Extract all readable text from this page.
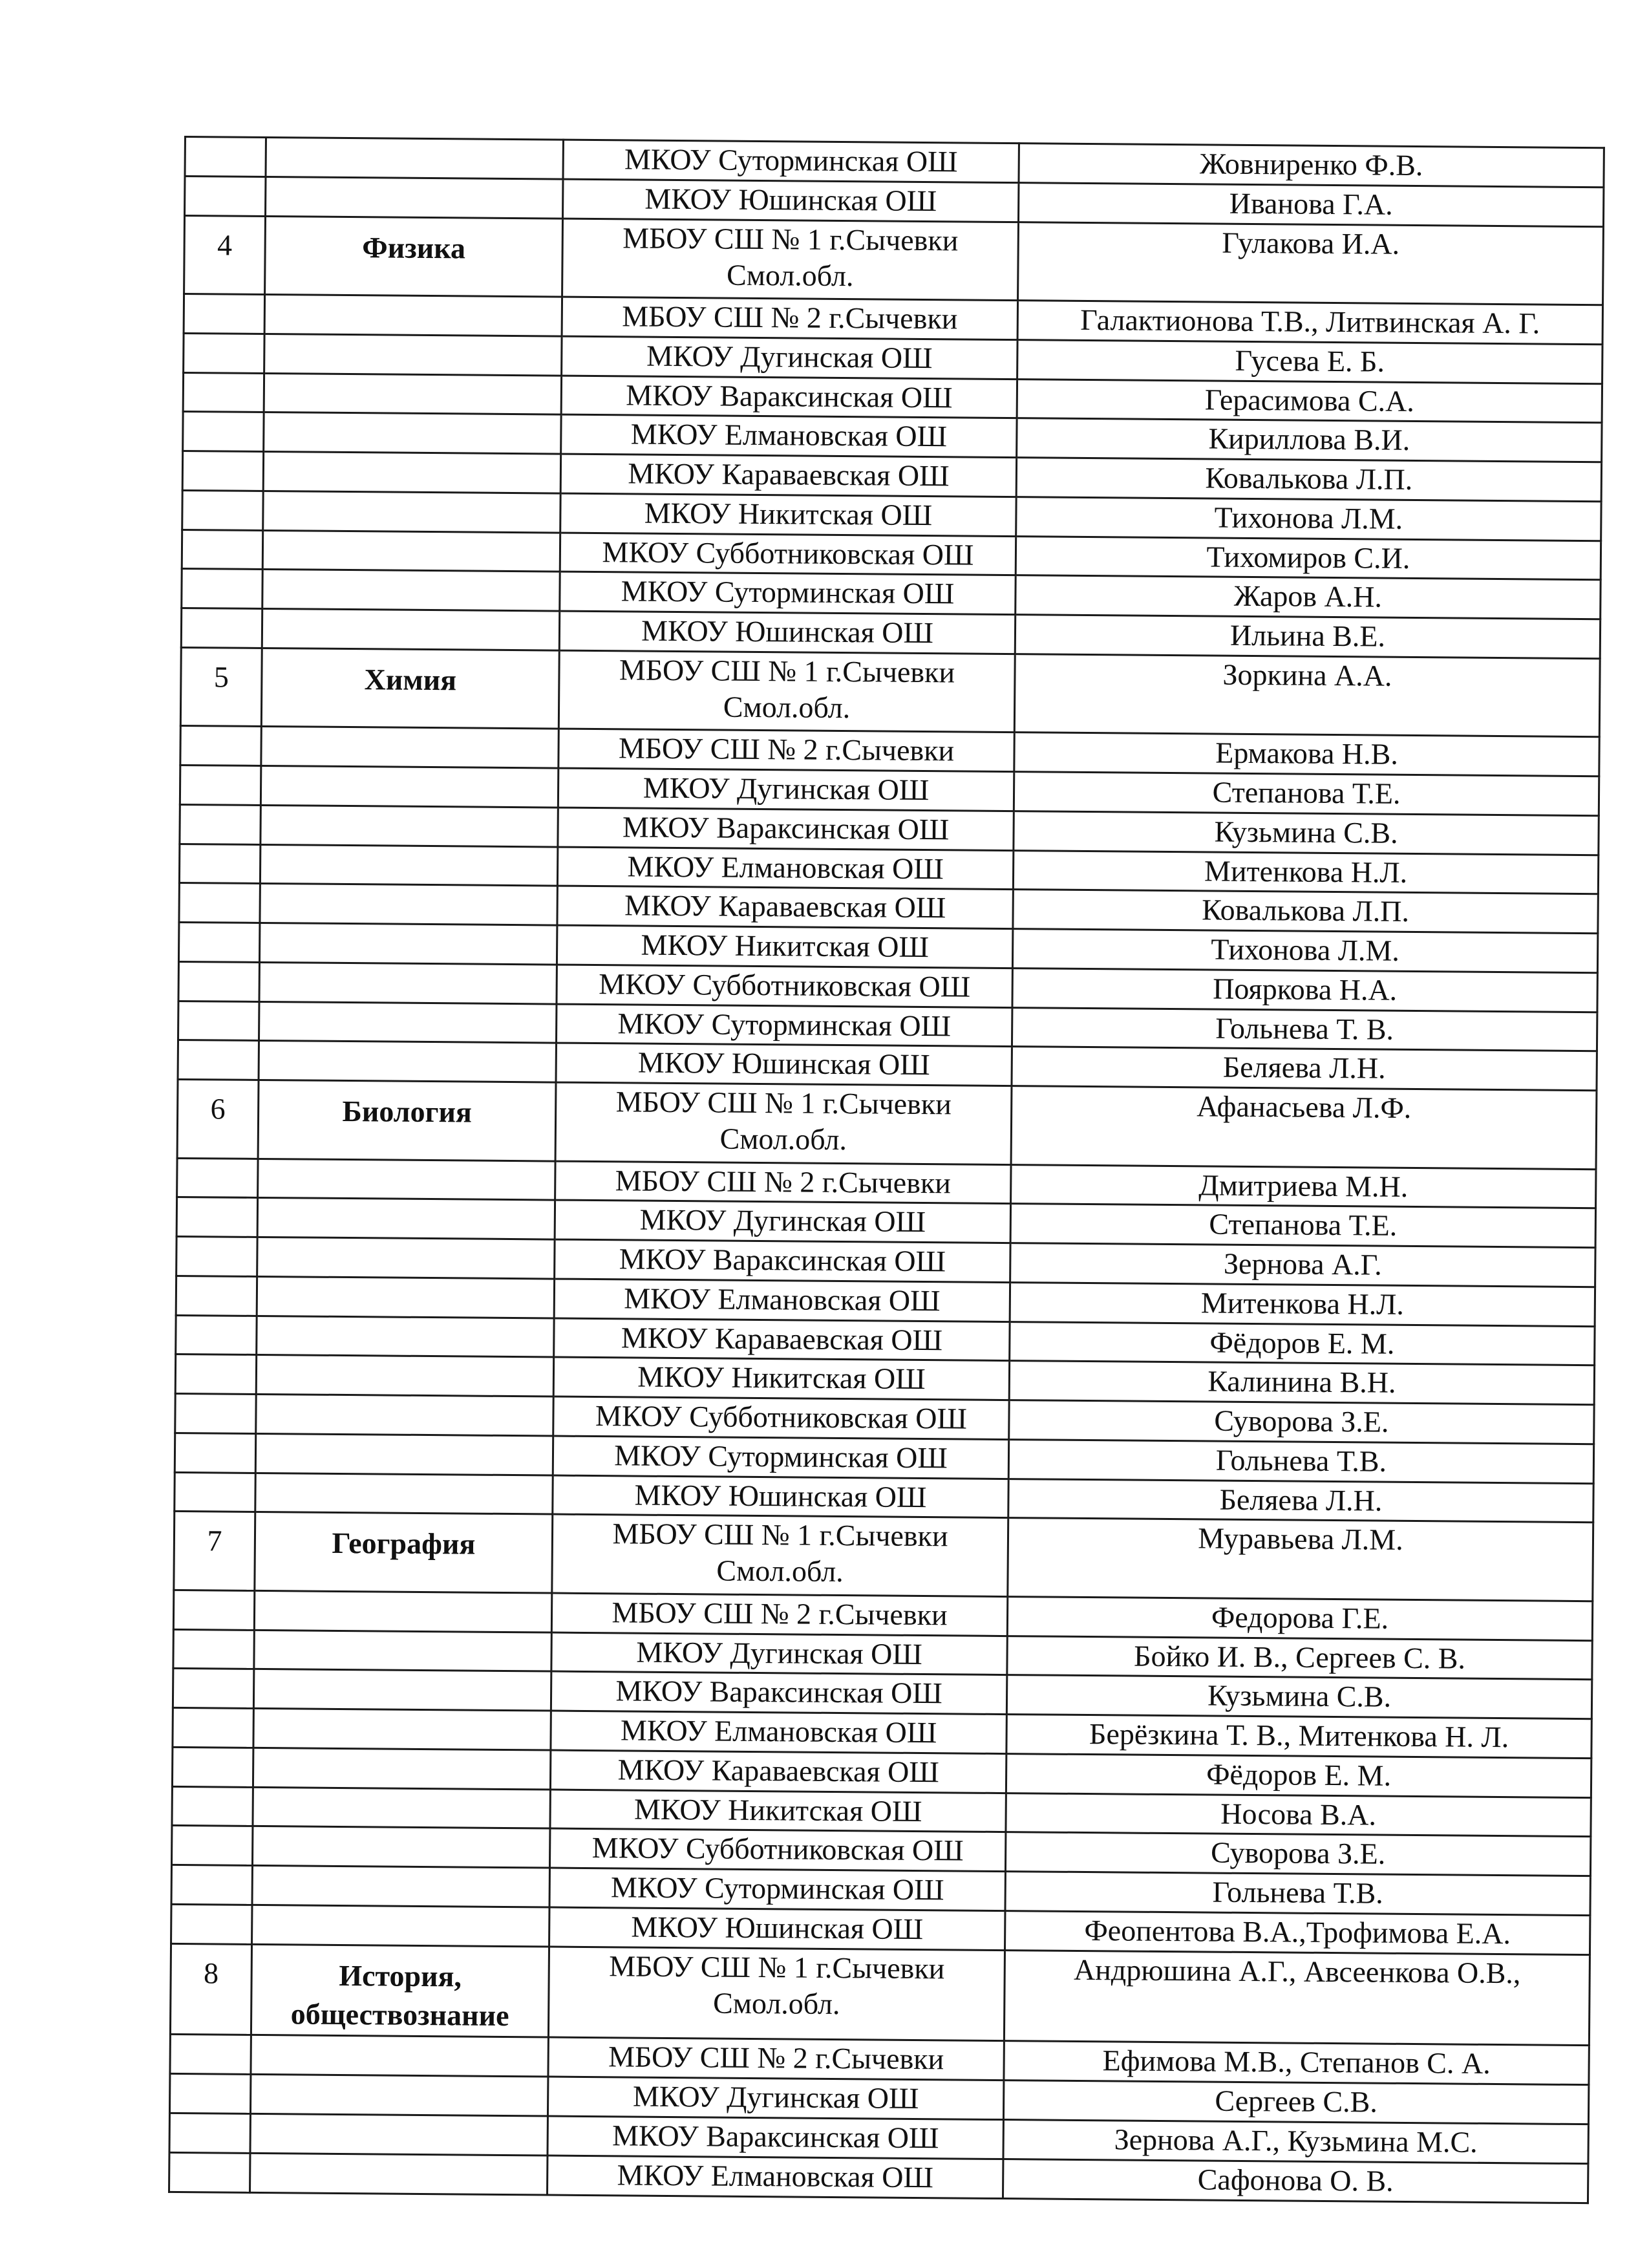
		МКОУ Суторминская ОШ	Жовниренко Ф.В.
		МКОУ Юшинская ОШ	Иванова Г.А.
4	Физика	МБОУ СШ № 1 г.Сычевки Смол.обл.	Гулакова И.А.
		МБОУ СШ № 2 г.Сычевки	Галактионова Т.В., Литвинская А. Г.
		МКОУ Дугинская ОШ	Гусева Е. Б.
		МКОУ Вараксинская ОШ	Герасимова С.А.
		МКОУ Елмановская ОШ	Кириллова В.И.
		МКОУ Караваевская ОШ	Ковалькова Л.П.
		МКОУ Никитская ОШ	Тихонова Л.М.
		МКОУ Субботниковская ОШ	Тихомиров С.И.
		МКОУ Суторминская ОШ	Жаров А.Н.
		МКОУ Юшинская ОШ	Ильина В.Е.
5	Химия	МБОУ СШ № 1 г.Сычевки Смол.обл.	Зоркина А.А.
		МБОУ СШ № 2 г.Сычевки	Ермакова Н.В.
		МКОУ Дугинская ОШ	Степанова Т.Е.
		МКОУ Вараксинская ОШ	Кузьмина С.В.
		МКОУ Елмановская ОШ	Митенкова Н.Л.
		МКОУ Караваевская ОШ	Ковалькова Л.П.
		МКОУ Никитская ОШ	Тихонова Л.М.
		МКОУ Субботниковская ОШ	Пояркова Н.А.
		МКОУ Суторминская ОШ	Гольнева Т. В.
		МКОУ Юшинская ОШ	Беляева Л.Н.
6	Биология	МБОУ СШ № 1 г.Сычевки Смол.обл.	Афанасьева Л.Ф.
		МБОУ СШ № 2 г.Сычевки	Дмитриева М.Н.
		МКОУ Дугинская ОШ	Степанова Т.Е.
		МКОУ Вараксинская ОШ	Зернова А.Г.
		МКОУ Елмановская ОШ	Митенкова Н.Л.
		МКОУ Караваевская ОШ	Фёдоров Е. М.
		МКОУ Никитская ОШ	Калинина В.Н.
		МКОУ Субботниковская ОШ	Суворова З.Е.
		МКОУ Суторминская ОШ	Гольнева Т.В.
		МКОУ Юшинская ОШ	Беляева Л.Н.
7	География	МБОУ СШ № 1 г.Сычевки Смол.обл.	Муравьева Л.М.
		МБОУ СШ № 2 г.Сычевки	Федорова Г.Е.
		МКОУ Дугинская ОШ	Бойко И. В., Сергеев С. В.
		МКОУ Вараксинская ОШ	Кузьмина С.В.
		МКОУ Елмановская ОШ	Берёзкина Т. В., Митенкова Н. Л.
		МКОУ Караваевская ОШ	Фёдоров Е. М.
		МКОУ Никитская ОШ	Носова В.А.
		МКОУ Субботниковская ОШ	Суворова З.Е.
		МКОУ Суторминская ОШ	Гольнева Т.В.
		МКОУ Юшинская ОШ	Феопентова В.А.,Трофимова Е.А.
8	История, обществознание	МБОУ СШ № 1 г.Сычевки Смол.обл.	Андрюшина А.Г., Авсеенкова О.В.,
		МБОУ СШ № 2 г.Сычевки	Ефимова М.В., Степанов С. А.
		МКОУ Дугинская ОШ	Сергеев С.В.
		МКОУ Вараксинская ОШ	Зернова А.Г., Кузьмина М.С.
		МКОУ Елмановская ОШ	Сафонова О. В.
